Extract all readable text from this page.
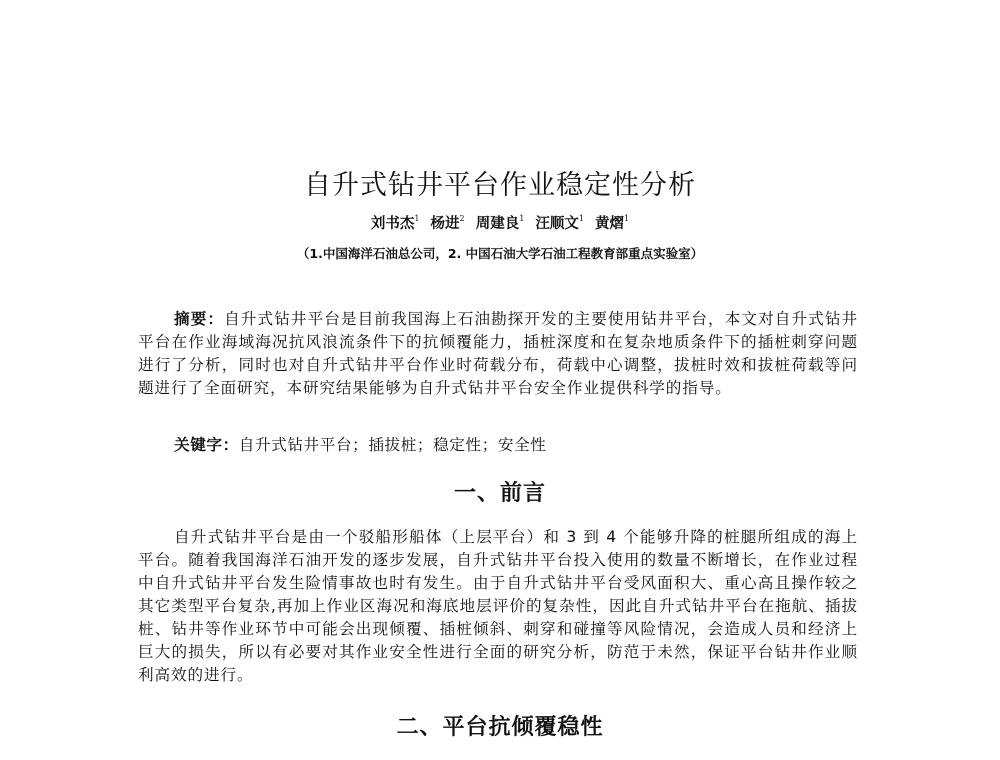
自升式钻井平台作业稳定性分析
刘书杰$^1$ 杨进$^2$ 周建良$^1$ 汪顺文$^1$ 黄熠$^1$
（1.中国海洋石油总公司，2. 中国石油大学石油工程教育部重点实验室）

摘要：自升式钻井平台是目前我国海上石油勘探开发的主要使用钻井平台，本文对自升式钻井平台在作业海域海况抗风浪流条件下的抗倾覆能力，插桩深度和在复杂地质条件下的插桩刺穿问题进行了分析，同时也对自升式钻井平台作业时荷载分布，荷载中心调整，拔桩时效和拔桩荷载等问题进行了全面研究，本研究结果能够为自升式钻井平台安全作业提供科学的指导。

关键字：自升式钻井平台；插拔桩；稳定性；安全性
一、前言

自升式钻井平台是由一个驳船形船体（上层平台）和 3 到 4 个能够升降的桩腿所组成的海上平台。随着我国海洋石油开发的逐步发展，自升式钻井平台投入使用的数量不断增长，在作业过程中自升式钻井平台发生险情事故也时有发生。由于自升式钻井平台受风面积大、重心高且操作较之其它类型平台复杂,再加上作业区海况和海底地层评价的复杂性，因此自升式钻井平台在拖航、插拔桩、钻井等作业环节中可能会出现倾覆、插桩倾斜、刺穿和碰撞等风险情况，会造成人员和经济上巨大的损失，所以有必要对其作业安全性进行全面的研究分析，防范于未然，保证平台钻井作业顺利高效的进行。

二、平台抗倾覆稳性
